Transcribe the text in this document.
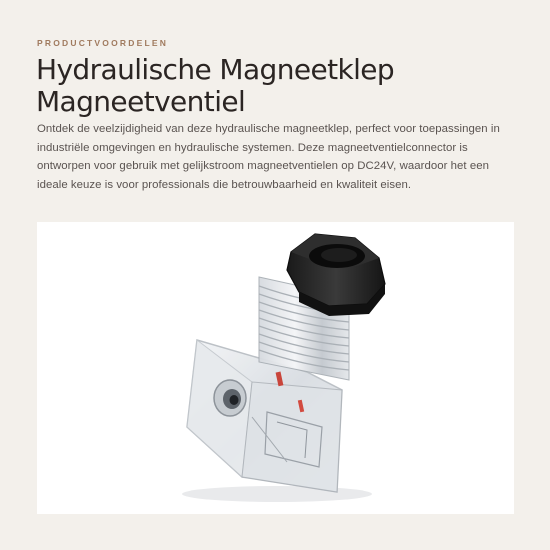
PRODUCTVOORDELEN
Hydraulische Magneetklep
Magneetventiel

Ontdek de veelzijdigheid van deze hydraulische magneetklep, perfect voor toepassingen in industriële omgevingen en hydraulische systemen. Deze magneetventielconnector is ontworpen voor gebruik met gelijkstroom magneetventielen op DC24V, waardoor het een ideale keuze is voor professionals die betrouwbaarheid en kwaliteit eisen.
